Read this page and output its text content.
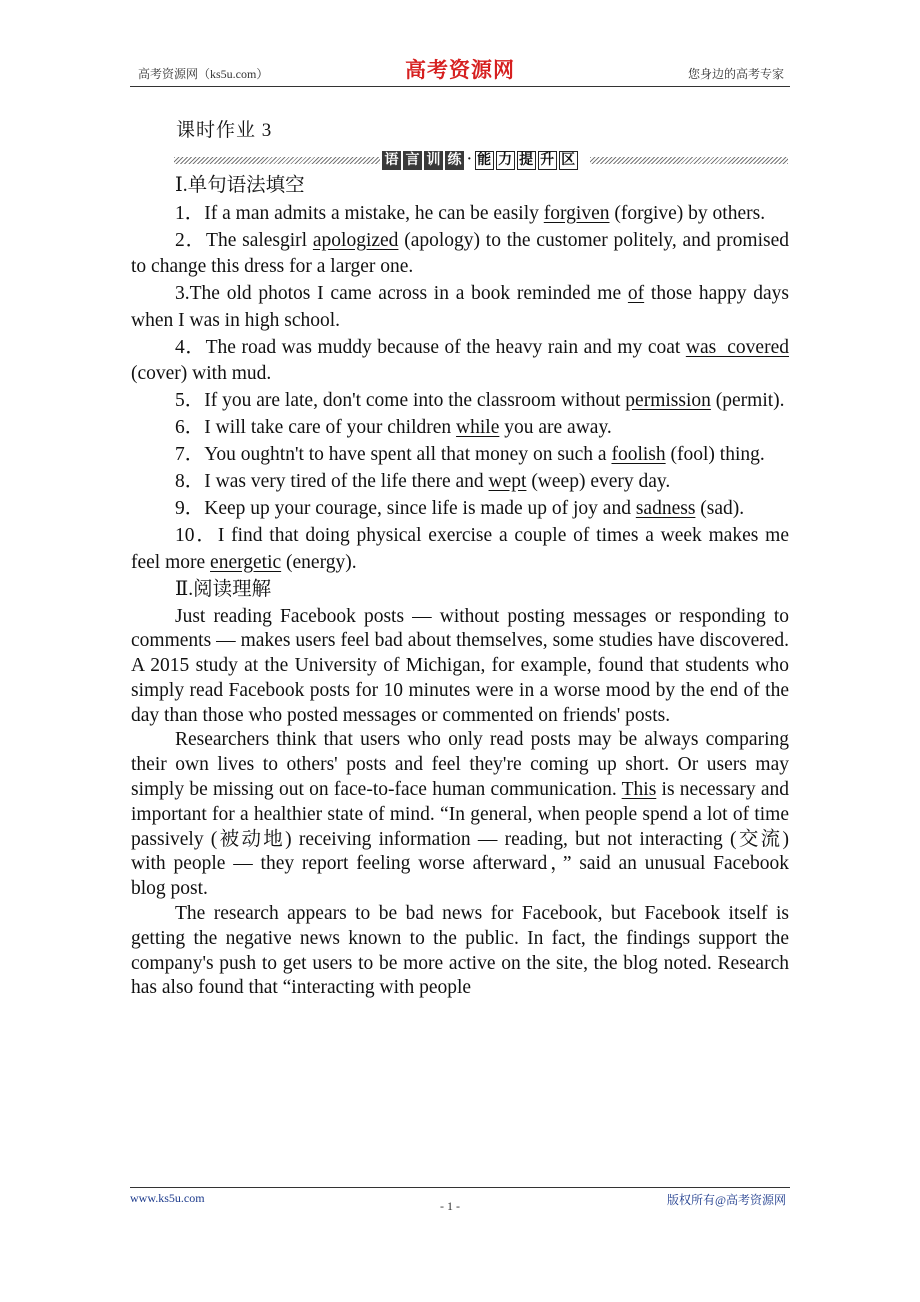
高考资源网（ks5u.com）	高考资源网	您身边的高考专家
课时作业 3
语 言 训 练 · 能 力 提 升 区

Ⅰ.单句语法填空

1．If a man admits a mistake, he can be easily forgiven (forgive) by others.

2．The salesgirl apologized (apology) to the customer politely, and promised to change this dress for a larger one.

3.The old photos I came across in a book reminded me of those happy days when I was in high school.

4．The road was muddy because of the heavy rain and my coat was  covered (cover) with mud.

5．If you are late, don't come into the classroom without permission (permit).

6．I will take care of your children while you are away.

7．You oughtn't to have spent all that money on such a foolish (fool) thing.

8．I was very tired of the life there and wept (weep) every day.

9．Keep up your courage, since life is made up of joy and sadness (sad).

10．I find that doing physical exercise a couple of times a week makes me feel more energetic (energy).

Ⅱ.阅读理解

Just reading Facebook posts — without posting messages or responding to comments — makes users feel bad about themselves, some studies have discovered. A 2015 study at the University of Michigan, for example, found that students who simply read Facebook posts for 10 minutes were in a worse mood by the end of the day than those who posted messages or commented on friends' posts.

Researchers think that users who only read posts may be always comparing their own lives to others' posts and feel they're coming up short. Or users may simply be missing out on face-to-face human communication. This is necessary and important for a healthier state of mind. “In general, when people spend a lot of time passively (被动地) receiving information — reading, but not interacting (交流) with people — they report feeling worse afterward，” said an unusual Facebook blog post.

The research appears to be bad news for Facebook, but Facebook itself is getting the negative news known to the public. In fact, the findings support the company's push to get users to be more active on the site, the blog noted. Research has also found that “interacting with people

www.ks5u.com
- 1 -	版权所有@高考资源网
